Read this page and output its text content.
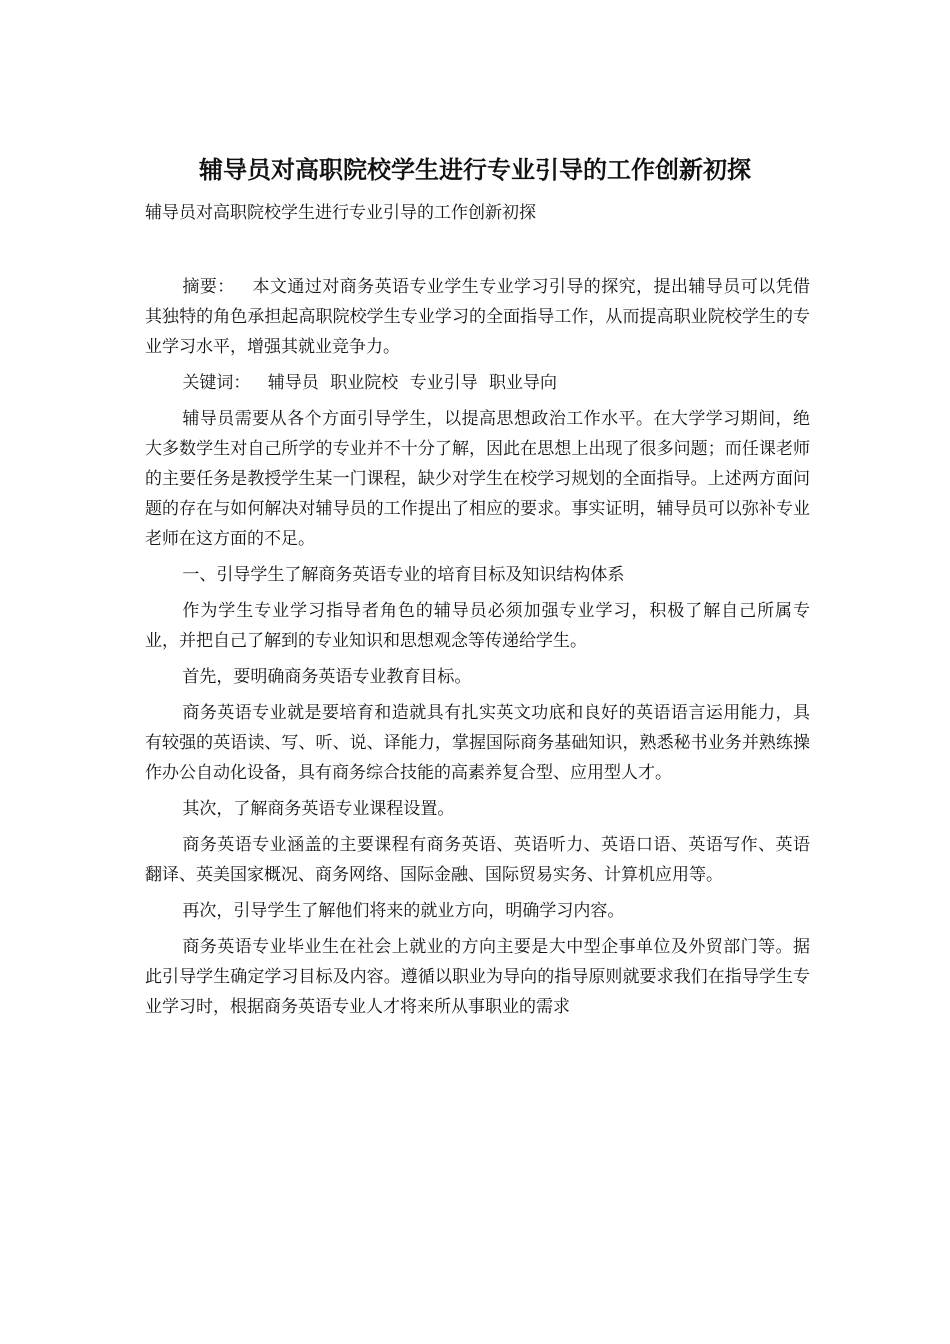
辅导员对高职院校学生进行专业引导的工作创新初探
辅导员对高职院校学生进行专业引导的工作创新初探

摘要： 本文通过对商务英语专业学生专业学习引导的探究，提出辅导员可以凭借其独特的角色承担起高职院校学生专业学习的全面指导工作，从而提高职业院校学生的专业学习水平，增强其就业竞争力。

关键词： 辅导员 职业院校 专业引导 职业导向

辅导员需要从各个方面引导学生，以提高思想政治工作水平。在大学学习期间，绝大多数学生对自己所学的专业并不十分了解，因此在思想上出现了很多问题；而任课老师的主要任务是教授学生某一门课程，缺少对学生在校学习规划的全面指导。上述两方面问题的存在与如何解决对辅导员的工作提出了相应的要求。事实证明，辅导员可以弥补专业老师在这方面的不足。

一、引导学生了解商务英语专业的培育目标及知识结构体系

作为学生专业学习指导者角色的辅导员必须加强专业学习，积极了解自己所属专业，并把自己了解到的专业知识和思想观念等传递给学生。

首先，要明确商务英语专业教育目标。

商务英语专业就是要培育和造就具有扎实英文功底和良好的英语语言运用能力，具有较强的英语读、写、听、说、译能力，掌握国际商务基础知识，熟悉秘书业务并熟练操作办公自动化设备，具有商务综合技能的高素养复合型、应用型人才。

其次，了解商务英语专业课程设置。

商务英语专业涵盖的主要课程有商务英语、英语听力、英语口语、英语写作、英语翻译、英美国家概况、商务网络、国际金融、国际贸易实务、计算机应用等。

再次，引导学生了解他们将来的就业方向，明确学习内容。

商务英语专业毕业生在社会上就业的方向主要是大中型企事单位及外贸部门等。据此引导学生确定学习目标及内容。遵循以职业为导向的指导原则就要求我们在指导学生专业学习时，根据商务英语专业人才将来所从事职业的需求
